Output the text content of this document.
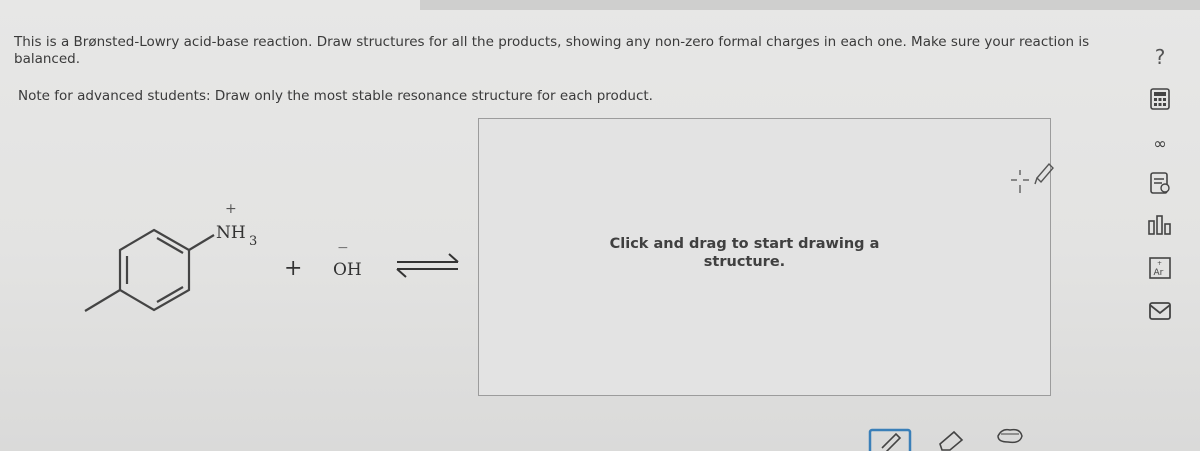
This is a Brønsted-Lowry acid-base reaction. Draw structures for all the products, showing any non-zero formal charges in each one. Make sure your reaction is balanced.
Note for advanced students: Draw only the most stable resonance structure for each product.
+
NH 3
+
−
OH
Click and drag to start drawing a structure.
?
∞
Ar
+
